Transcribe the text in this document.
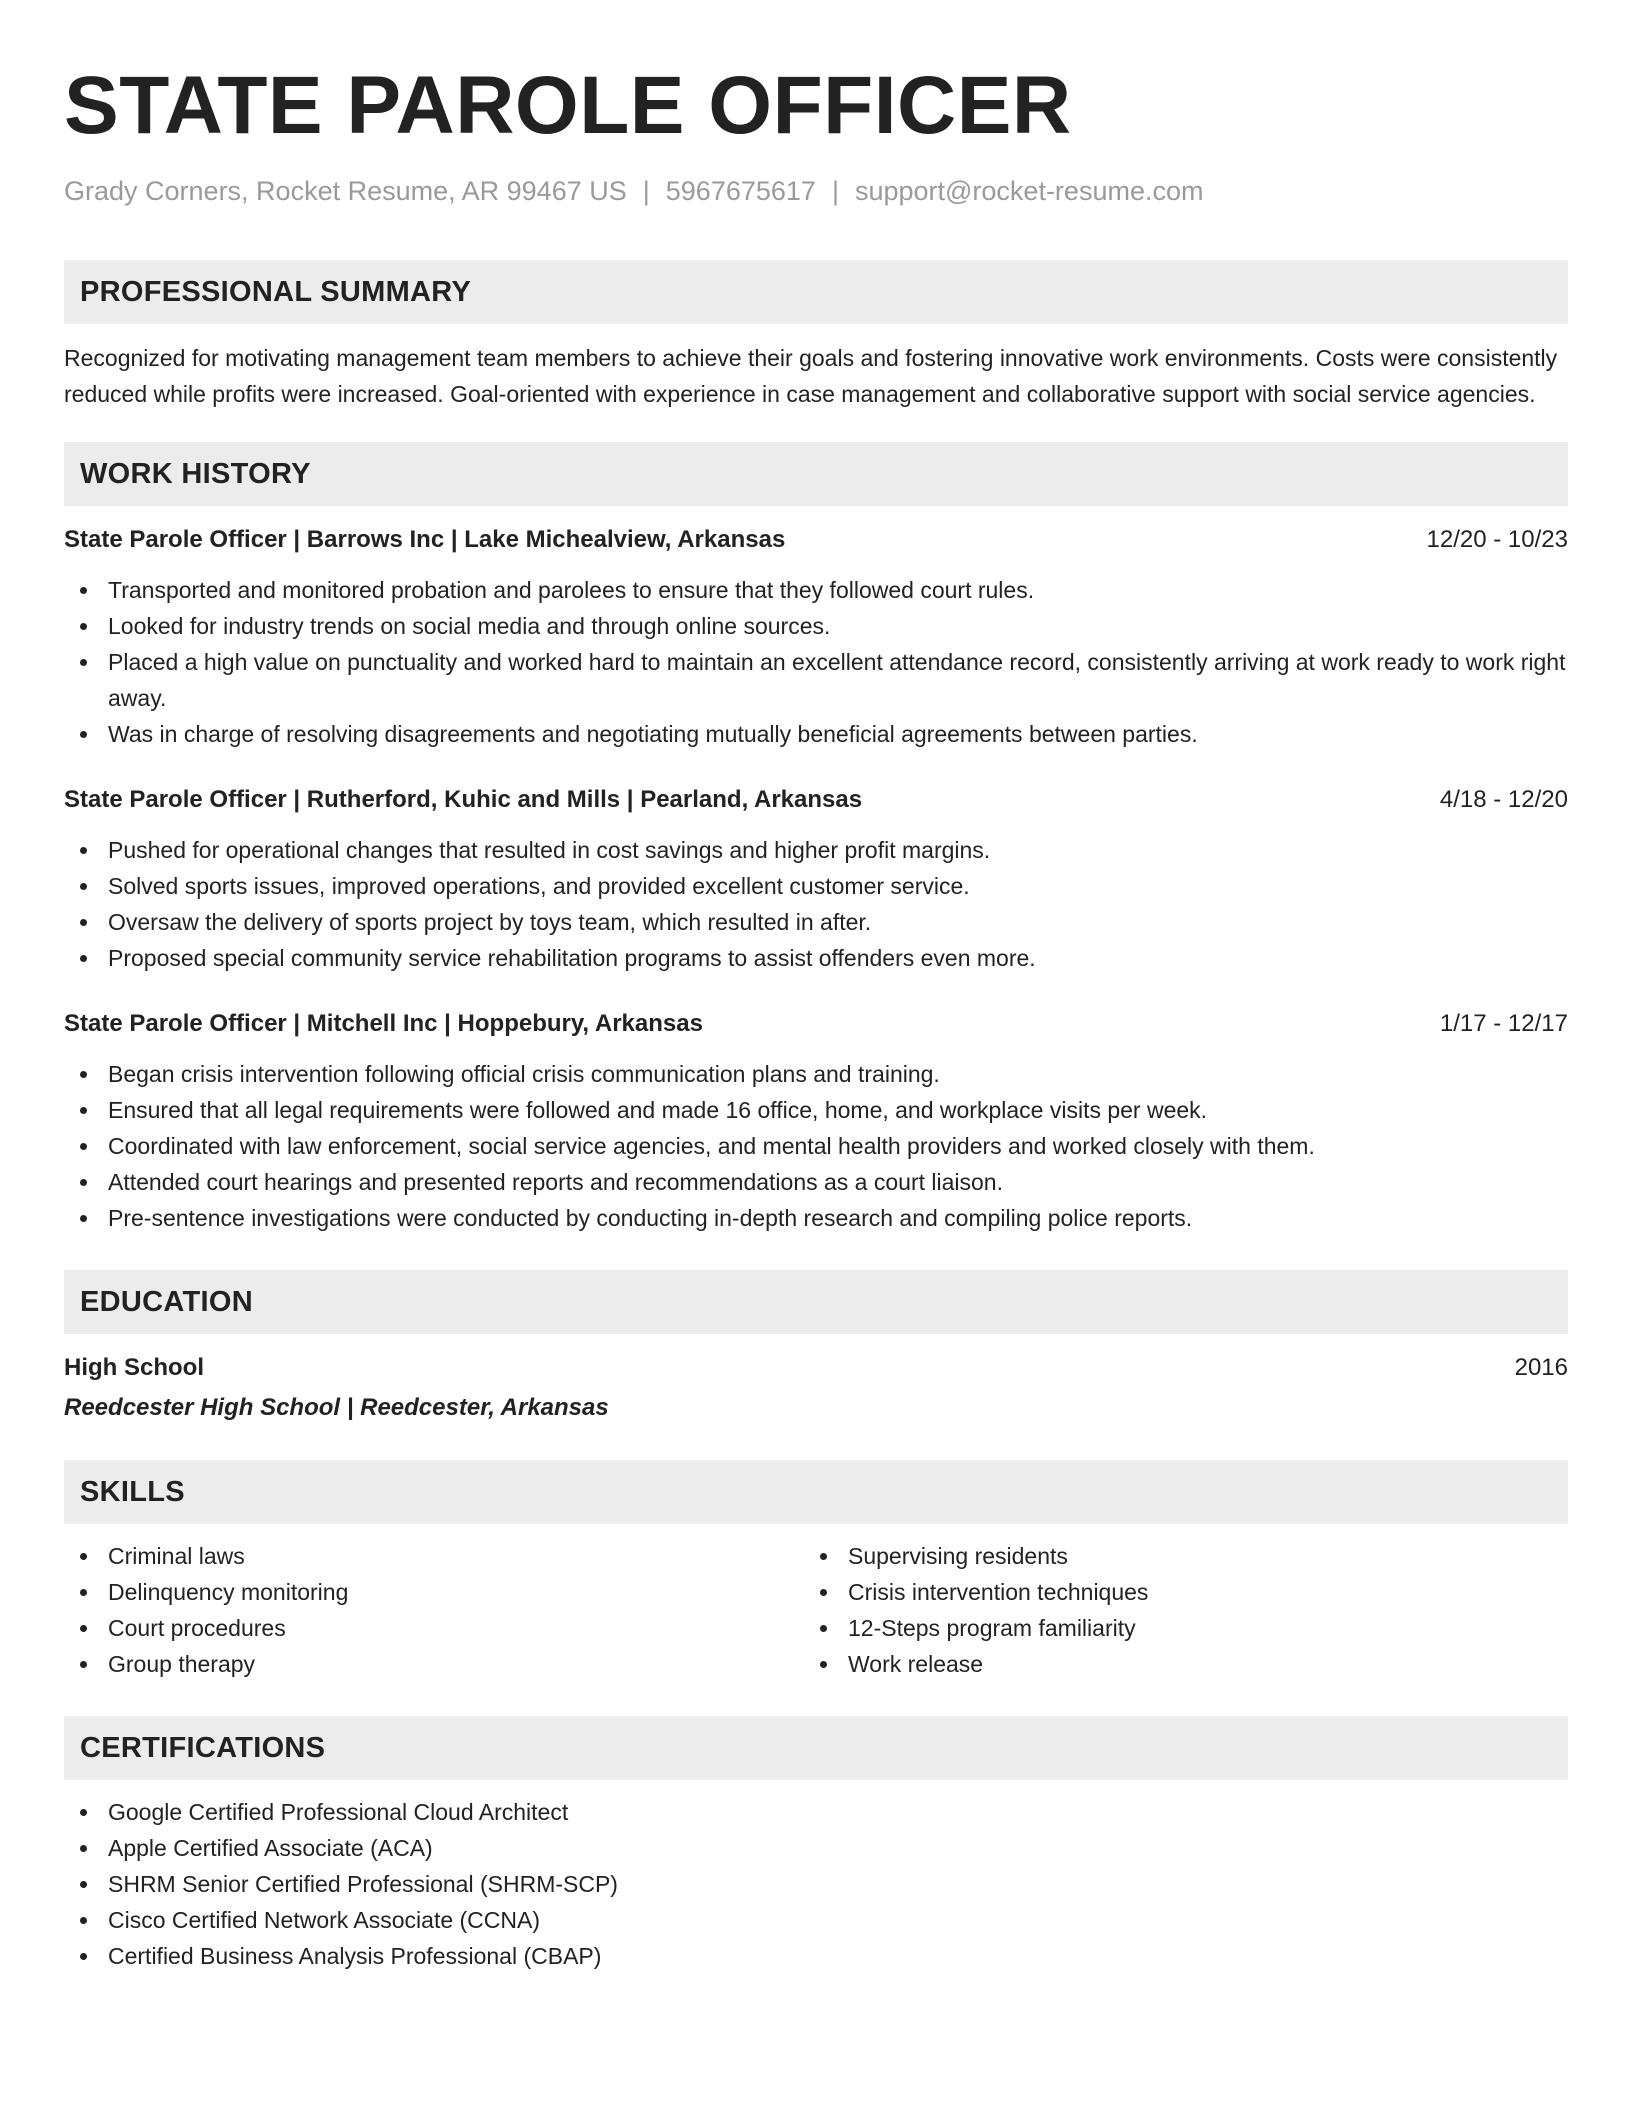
STATE PAROLE OFFICER
Grady Corners, Rocket Resume, AR 99467 US | 5967675617 | support@rocket-resume.com
PROFESSIONAL SUMMARY
Recognized for motivating management team members to achieve their goals and fostering innovative work environments. Costs were consistently reduced while profits were increased. Goal-oriented with experience in case management and collaborative support with social service agencies.
WORK HISTORY
State Parole Officer | Barrows Inc | Lake Michealview, Arkansas	12/20 - 10/23
Transported and monitored probation and parolees to ensure that they followed court rules.
Looked for industry trends on social media and through online sources.
Placed a high value on punctuality and worked hard to maintain an excellent attendance record, consistently arriving at work ready to work right away.
Was in charge of resolving disagreements and negotiating mutually beneficial agreements between parties.
State Parole Officer | Rutherford, Kuhic and Mills | Pearland, Arkansas	4/18 - 12/20
Pushed for operational changes that resulted in cost savings and higher profit margins.
Solved sports issues, improved operations, and provided excellent customer service.
Oversaw the delivery of sports project by toys team, which resulted in after.
Proposed special community service rehabilitation programs to assist offenders even more.
State Parole Officer | Mitchell Inc | Hoppebury, Arkansas	1/17 - 12/17
Began crisis intervention following official crisis communication plans and training.
Ensured that all legal requirements were followed and made 16 office, home, and workplace visits per week.
Coordinated with law enforcement, social service agencies, and mental health providers and worked closely with them.
Attended court hearings and presented reports and recommendations as a court liaison.
Pre-sentence investigations were conducted by conducting in-depth research and compiling police reports.
EDUCATION
High School	2016
Reedcester High School | Reedcester, Arkansas
SKILLS
Criminal laws
Delinquency monitoring
Court procedures
Group therapy
Supervising residents
Crisis intervention techniques
12-Steps program familiarity
Work release
CERTIFICATIONS
Google Certified Professional Cloud Architect
Apple Certified Associate (ACA)
SHRM Senior Certified Professional (SHRM-SCP)
Cisco Certified Network Associate (CCNA)
Certified Business Analysis Professional (CBAP)
